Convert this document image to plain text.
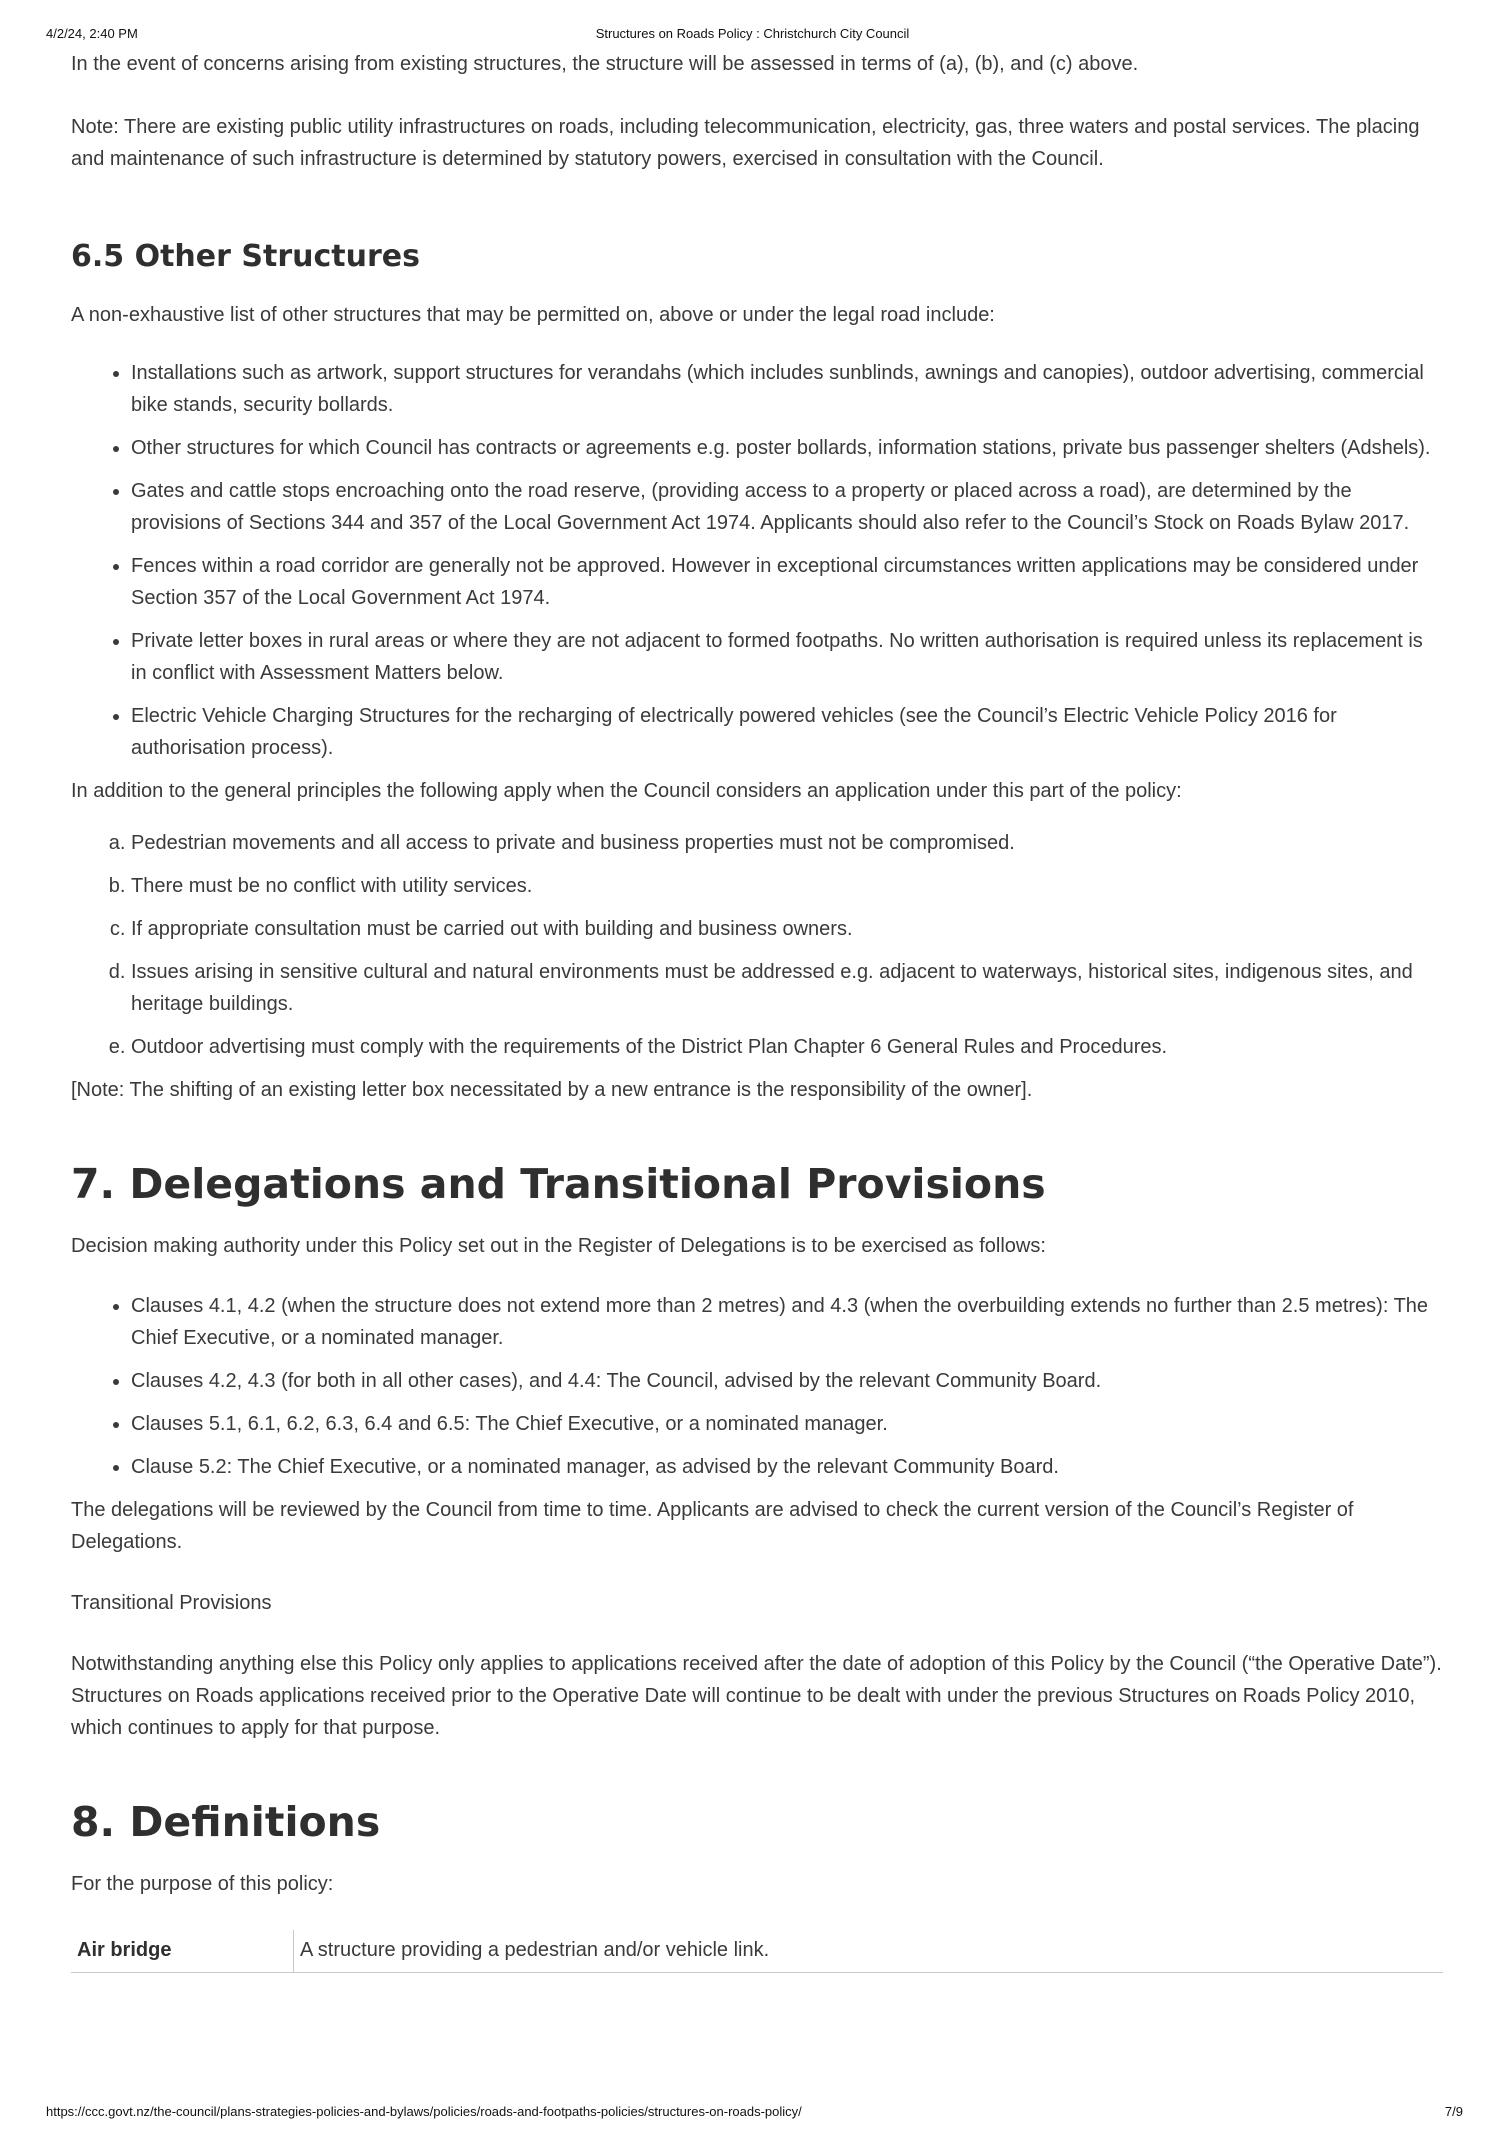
4/2/24, 2:40 PM	Structures on Roads Policy : Christchurch City Council

In the event of concerns arising from existing structures, the structure will be assessed in terms of (a), (b), and (c) above.

Note: There are existing public utility infrastructures on roads, including telecommunication, electricity, gas, three waters and postal services. The placing and maintenance of such infrastructure is determined by statutory powers, exercised in consultation with the Council.

6.5 Other Structures

A non-exhaustive list of other structures that may be permitted on, above or under the legal road include:

• Installations such as artwork, support structures for verandahs (which includes sunblinds, awnings and canopies), outdoor advertising, commercial bike stands, security bollards.
• Other structures for which Council has contracts or agreements e.g. poster bollards, information stations, private bus passenger shelters (Adshels).
• Gates and cattle stops encroaching onto the road reserve, (providing access to a property or placed across a road), are determined by the provisions of Sections 344 and 357 of the Local Government Act 1974. Applicants should also refer to the Council’s Stock on Roads Bylaw 2017.
• Fences within a road corridor are generally not be approved. However in exceptional circumstances written applications may be considered under Section 357 of the Local Government Act 1974.
• Private letter boxes in rural areas or where they are not adjacent to formed footpaths. No written authorisation is required unless its replacement is in conflict with Assessment Matters below.
• Electric Vehicle Charging Structures for the recharging of electrically powered vehicles (see the Council’s Electric Vehicle Policy 2016 for authorisation process).

In addition to the general principles the following apply when the Council considers an application under this part of the policy:

a. Pedestrian movements and all access to private and business properties must not be compromised.
b. There must be no conflict with utility services.
c. If appropriate consultation must be carried out with building and business owners.
d. Issues arising in sensitive cultural and natural environments must be addressed e.g. adjacent to waterways, historical sites, indigenous sites, and heritage buildings.
e. Outdoor advertising must comply with the requirements of the District Plan Chapter 6 General Rules and Procedures.

[Note: The shifting of an existing letter box necessitated by a new entrance is the responsibility of the owner].

7. Delegations and Transitional Provisions

Decision making authority under this Policy set out in the Register of Delegations is to be exercised as follows:

• Clauses 4.1, 4.2 (when the structure does not extend more than 2 metres) and 4.3 (when the overbuilding extends no further than 2.5 metres): The Chief Executive, or a nominated manager.
• Clauses 4.2, 4.3 (for both in all other cases), and 4.4: The Council, advised by the relevant Community Board.
• Clauses 5.1, 6.1, 6.2, 6.3, 6.4 and 6.5: The Chief Executive, or a nominated manager.
• Clause 5.2: The Chief Executive, or a nominated manager, as advised by the relevant Community Board.

The delegations will be reviewed by the Council from time to time. Applicants are advised to check the current version of the Council’s Register of Delegations.

Transitional Provisions

Notwithstanding anything else this Policy only applies to applications received after the date of adoption of this Policy by the Council (“the Operative Date”). Structures on Roads applications received prior to the Operative Date will continue to be dealt with under the previous Structures on Roads Policy 2010, which continues to apply for that purpose.

8. Definitions

For the purpose of this policy:

Air bridge	A structure providing a pedestrian and/or vehicle link.
https://ccc.govt.nz/the-council/plans-strategies-policies-and-bylaws/policies/roads-and-footpaths-policies/structures-on-roads-policy/	7/9
